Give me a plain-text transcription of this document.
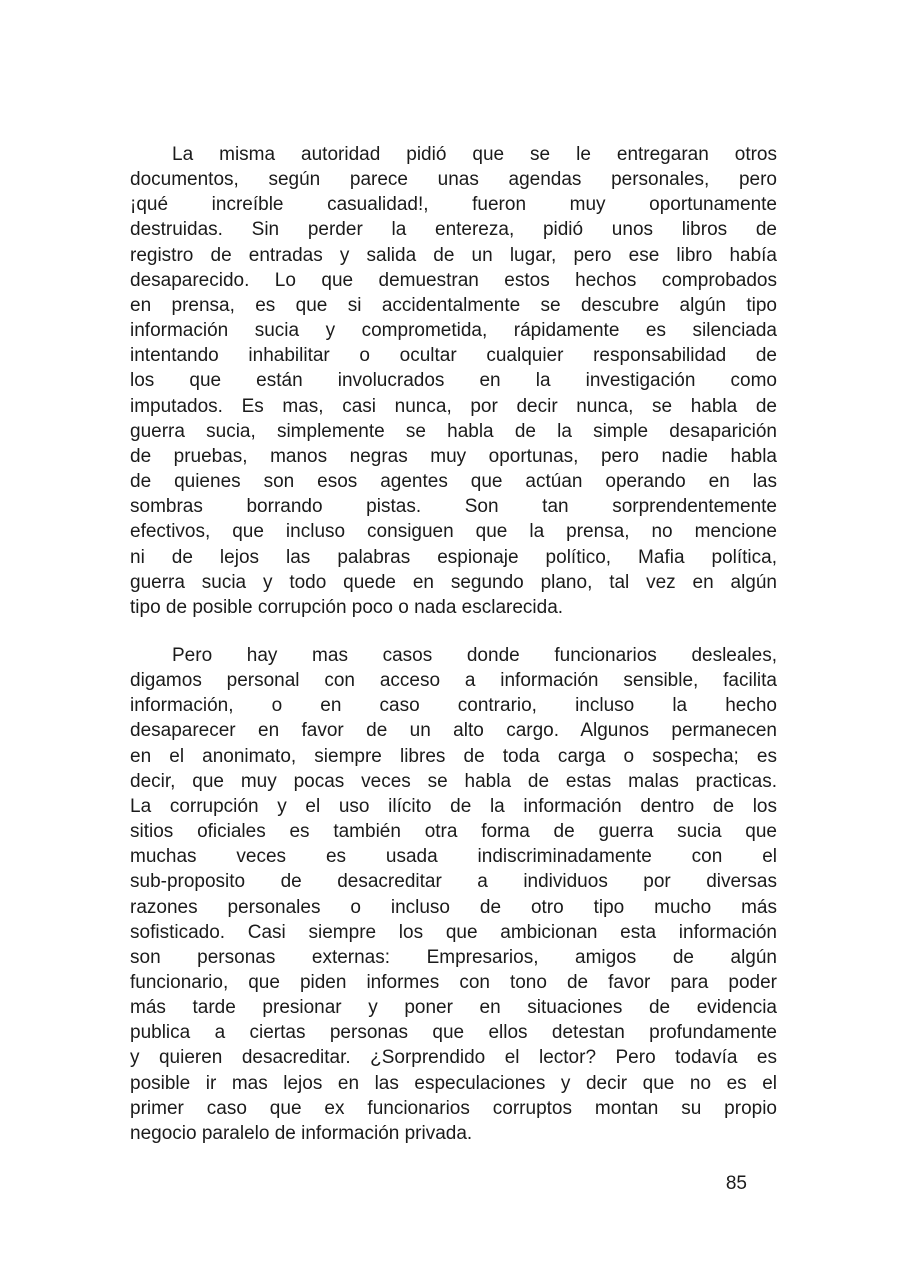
La misma autoridad pidió que se le entregaran otros
documentos, según parece unas agendas personales, pero
¡qué increíble casualidad!, fueron muy oportunamente
destruidas. Sin perder la entereza, pidió unos libros de
registro de entradas y salida de un lugar, pero ese libro había
desaparecido. Lo que demuestran estos hechos comprobados
en prensa, es que si accidentalmente se descubre algún tipo
información sucia y comprometida, rápidamente es silenciada
intentando inhabilitar o ocultar cualquier responsabilidad de
los que están involucrados en la investigación como
imputados. Es mas, casi nunca, por decir nunca, se habla de
guerra sucia, simplemente se habla de la simple desaparición
de pruebas, manos negras muy oportunas, pero nadie habla
de quienes son esos agentes que actúan operando en las
sombras borrando pistas. Son tan sorprendentemente
efectivos, que incluso consiguen que la prensa, no mencione
ni de lejos las palabras espionaje político, Mafia política,
guerra sucia y todo quede en segundo plano, tal vez en algún
tipo de posible corrupción poco o nada esclarecida.
Pero hay mas casos donde funcionarios desleales,
digamos personal con acceso a información sensible, facilita
información, o en caso contrario, incluso la hecho
desaparecer en favor de un alto cargo. Algunos permanecen
en el anonimato, siempre libres de toda carga o sospecha; es
decir, que muy pocas veces se habla de estas malas practicas.
La corrupción y el uso ilícito de la información dentro de los
sitios oficiales es también otra forma de guerra sucia que
muchas veces es usada indiscriminadamente con el
sub-proposito de desacreditar a individuos por diversas
razones personales o incluso de otro tipo mucho más
sofisticado. Casi siempre los que ambicionan esta información
son personas externas: Empresarios, amigos de algún
funcionario, que piden informes con tono de favor para poder
más tarde presionar y poner en situaciones de evidencia
publica a ciertas personas que ellos detestan profundamente
y quieren desacreditar. ¿Sorprendido el lector? Pero todavía es
posible ir mas lejos en las especulaciones y decir que no es el
primer caso que ex funcionarios corruptos montan su propio
negocio paralelo de información privada.
85
